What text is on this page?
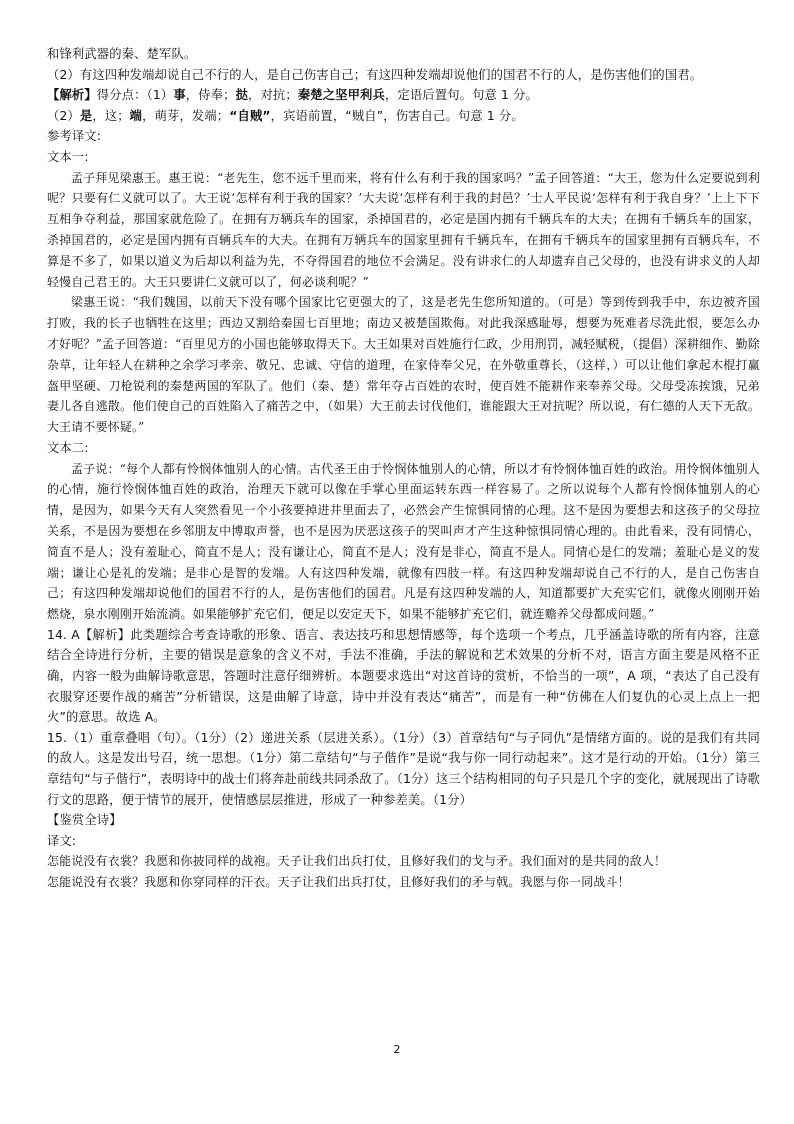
和锋利武器的秦、楚军队。

（2）有这四种发端却说自己不行的人，是自己伤害自己；有这四种发端却说他们的国君不行的人，是伤害他们的国君。

【解析】得分点：（1）事，侍奉；挞，对抗；秦楚之坚甲利兵，定语后置句。句意 1 分。

（2）是，这；端，萌芽，发端；“自贼”，宾语前置，“贼自”，伤害自己。句意 1 分。

参考译文:

文本一:

孟子拜见梁惠王。惠王说：“老先生，您不远千里而来，将有什么有利于我的国家吗？”孟子回答道：“大王，您为什么定要说到利呢？只要有仁义就可以了。大王说‘怎样有利于我的国家？’大夫说‘怎样有利于我的封邑？’士人平民说‘怎样有利于我自身？’上上下下互相争夺利益，那国家就危险了。在拥有万辆兵车的国家，杀掉国君的，必定是国内拥有千辆兵车的大夫；在拥有千辆兵车的国家，杀掉国君的，必定是国内拥有百辆兵车的大夫。在拥有万辆兵车的国家里拥有千辆兵车，在拥有千辆兵车的国家里拥有百辆兵车，不算是不多了，如果以道义为后却以利益为先，不夺得国君的地位不会满足。没有讲求仁的人却遗弃自己父母的，也没有讲求义的人却轻慢自己君王的。大王只要讲仁义就可以了，何必谈利呢？”

梁惠王说：“我们魏国，以前天下没有哪个国家比它更强大的了，这是老先生您所知道的。（可是）等到传到我手中，东边被齐国打败，我的长子也牺牲在这里；西边又割给秦国七百里地；南边又被楚国欺侮。对此我深感耻辱，想要为死难者尽洗此恨，要怎么办才好呢？”孟子回答道：“百里见方的小国也能够取得天下。大王如果对百姓施行仁政，少用刑罚，减轻赋税，（提倡）深耕细作、勤除杂草，让年轻人在耕种之余学习孝亲、敬兄、忠诚、守信的道理，在家侍奉父兄，在外敬重尊长，（这样，）可以让他们拿起木棍打赢盔甲坚硬、刀枪锐利的秦楚两国的军队了。他们（秦、楚）常年夺占百姓的农时，使百姓不能耕作来奉养父母。父母受冻挨饿，兄弟妻儿各自逃散。他们使自己的百姓陷入了痛苦之中，（如果）大王前去讨伐他们，谁能跟大王对抗呢？所以说，有仁德的人天下无敌。大王请不要怀疑。”

文本二:

孟子说：“每个人都有怜悯体恤别人的心情。古代圣王由于怜悯体恤别人的心情，所以才有怜悯体恤百姓的政治。用怜悯体恤别人的心情，施行怜悯体恤百姓的政治，治理天下就可以像在手掌心里面运转东西一样容易了。之所以说每个人都有怜悯体恤别人的心情，是因为，如果今天有人突然看见一个小孩要掉进井里面去了，必然会产生惊惧同情的心理。这不是因为要想去和这孩子的父母拉关系，不是因为要想在乡邻朋友中博取声誉，也不是因为厌恶这孩子的哭叫声才产生这种惊惧同情心理的。由此看来，没有同情心，简直不是人；没有羞耻心，简直不是人；没有谦让心，简直不是人；没有是非心，简直不是人。同情心是仁的发端；羞耻心是义的发端；谦让心是礼的发端；是非心是智的发端。人有这四种发端，就像有四肢一样。有这四种发端却说自己不行的人，是自己伤害自己；有这四种发端却说他们的国君不行的人，是伤害他们的国君。凡是有这四种发端的人，知道都要扩大充实它们，就像火刚刚开始燃烧，泉水刚刚开始流淌。如果能够扩充它们，便足以安定天下，如果不能够扩充它们，就连赡养父母都成问题。”

14. A【解析】此类题综合考查诗歌的形象、语言、表达技巧和思想情感等，每个选项一个考点，几乎涵盖诗歌的所有内容，注意结合全诗进行分析，主要的错误是意象的含义不对，手法不准确，手法的解说和艺术效果的分析不对，语言方面主要是风格不正确，内容一般为曲解诗歌意思，答题时注意仔细辨析。本题要求选出“对这首诗的赏析，不恰当的一项”，A 项，“表达了自己没有衣服穿还要作战的痛苦”分析错误，这是曲解了诗意，诗中并没有表达“痛苦”，而是有一种“仿佛在人们复仇的心灵上点上一把火”的意思。故选 A。

15.（1）重章叠唱（句）。（1分）（2）递进关系（层进关系）。（1分）（3）首章结句“与子同仇”是情绪方面的。说的是我们有共同的敌人。这是发出号召，统一思想。（1分）第二章结句“与子偕作”是说“我与你一同行动起来”。这才是行动的开始。（1分）第三章结句“与子偕行”，表明诗中的战士们将奔赴前线共同杀敌了。（1分）这三个结构相同的句子只是几个字的变化，就展现出了诗歌行文的思路，便于情节的展开，使情感层层推进，形成了一种参差美。（1分）

【鉴赏全诗】

译文:

怎能说没有衣裳？我愿和你披同样的战袍。天子让我们出兵打仗，且修好我们的戈与矛。我们面对的是共同的敌人！

怎能说没有衣裳？我愿和你穿同样的汗衣。天子让我们出兵打仗，且修好我们的矛与戟。我愿与你一同战斗！

2
